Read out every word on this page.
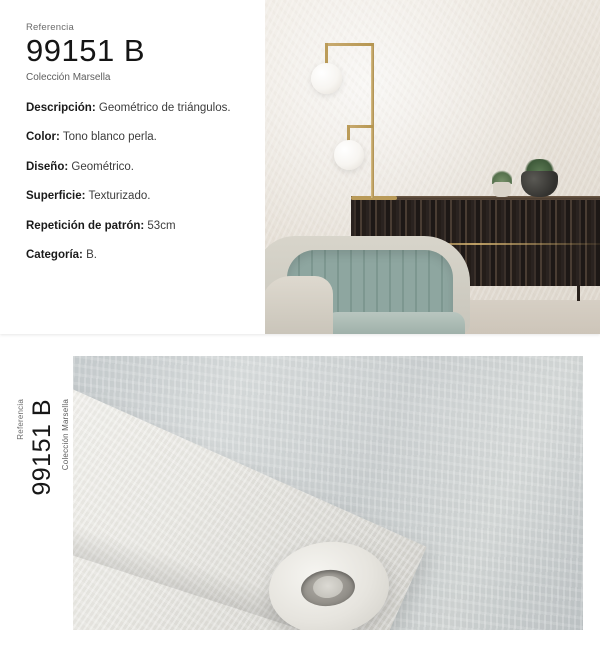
Referencia
99151 B
Colección Marsella

Descripción: Geométrico de triángulos.

Color: Tono blanco perla.

Diseño: Geométrico.

Superficie: Texturizado.

Repetición de patrón: 53cm

Categoría: B.

Referencia 99151 B Colección Marsella
